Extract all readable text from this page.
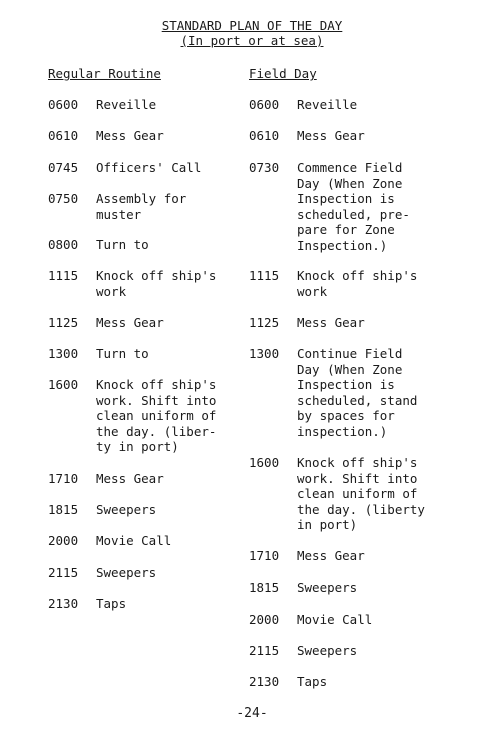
STANDARD PLAN OF THE DAY
(In port or at sea)
Regular Routine	Field Day
0600 Reveille
0610 Mess Gear
0745 Officers' Call
0750 Assembly for
muster
0800 Turn to
1115 Knock off ship's
work
1125 Mess Gear
1300 Turn to
1600 Knock off ship's
work. Shift into
clean uniform of
the day. (liber-
ty in port)
1710 Mess Gear
1815 Sweepers
2000 Movie Call
2115 Sweepers
2130 Taps
0600 Reveille
0610 Mess Gear
0730 Commence Field
Day (When Zone
Inspection is
scheduled, pre-
pare for Zone
Inspection.)
1115 Knock off ship's
work
1125 Mess Gear
1300 Continue Field
Day (When Zone
Inspection is
scheduled, stand
by spaces for
inspection.)
1600 Knock off ship's
work. Shift into
clean uniform of
the day. (liberty
in port)
1710 Mess Gear
1815 Sweepers
2000 Movie Call
2115 Sweepers
2130 Taps
-24-
